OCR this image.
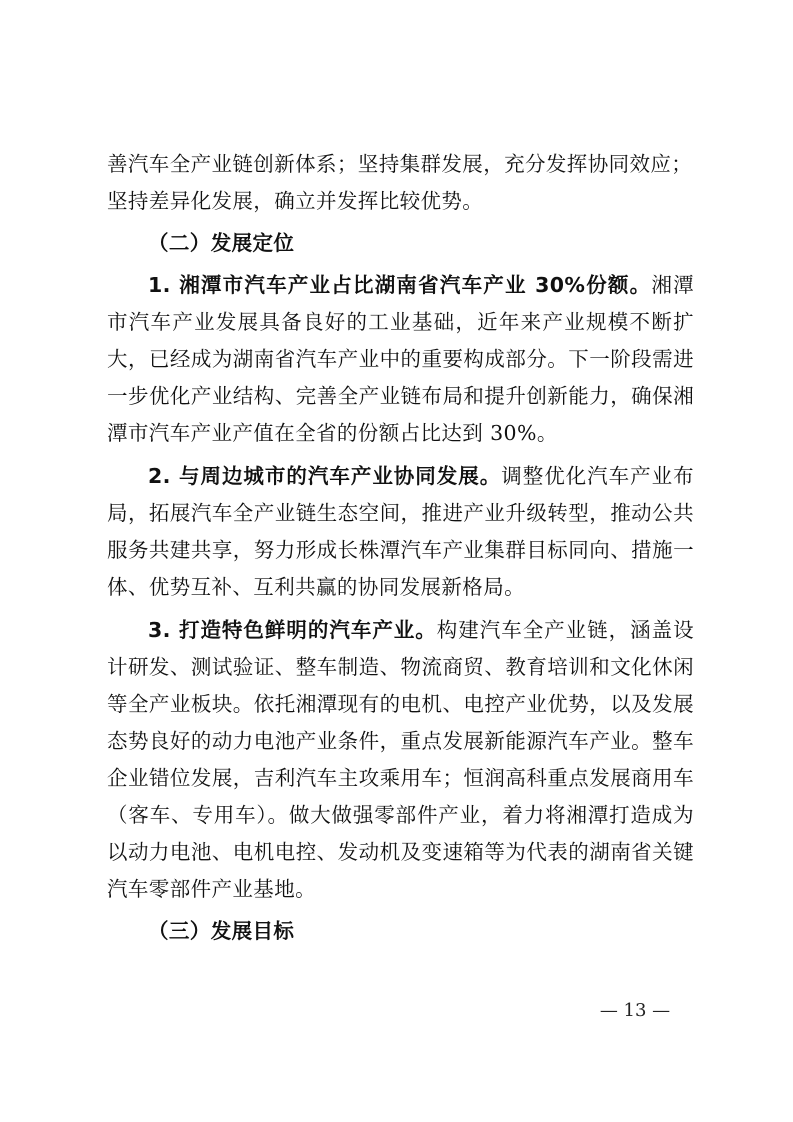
善汽车全产业链创新体系；坚持集群发展，充分发挥协同效应；
坚持差异化发展，确立并发挥比较优势。

（二）发展定位

1. 湘潭市汽车产业占比湖南省汽车产业 30%份额。湘潭市汽车产业发展具备良好的工业基础，近年来产业规模不断扩大，已经成为湖南省汽车产业中的重要构成部分。下一阶段需进一步优化产业结构、完善全产业链布局和提升创新能力，确保湘潭市汽车产业产值在全省的份额占比达到 30%。

2. 与周边城市的汽车产业协同发展。调整优化汽车产业布局，拓展汽车全产业链生态空间，推进产业升级转型，推动公共服务共建共享，努力形成长株潭汽车产业集群目标同向、措施一体、优势互补、互利共赢的协同发展新格局。

3. 打造特色鲜明的汽车产业。构建汽车全产业链，涵盖设计研发、测试验证、整车制造、物流商贸、教育培训和文化休闲等全产业板块。依托湘潭现有的电机、电控产业优势，以及发展态势良好的动力电池产业条件，重点发展新能源汽车产业。整车企业错位发展，吉利汽车主攻乘用车；恒润高科重点发展商用车（客车、专用车）。做大做强零部件产业，着力将湘潭打造成为以动力电池、电机电控、发动机及变速箱等为代表的湖南省关键汽车零部件产业基地。

（三）发展目标

— 13 —
